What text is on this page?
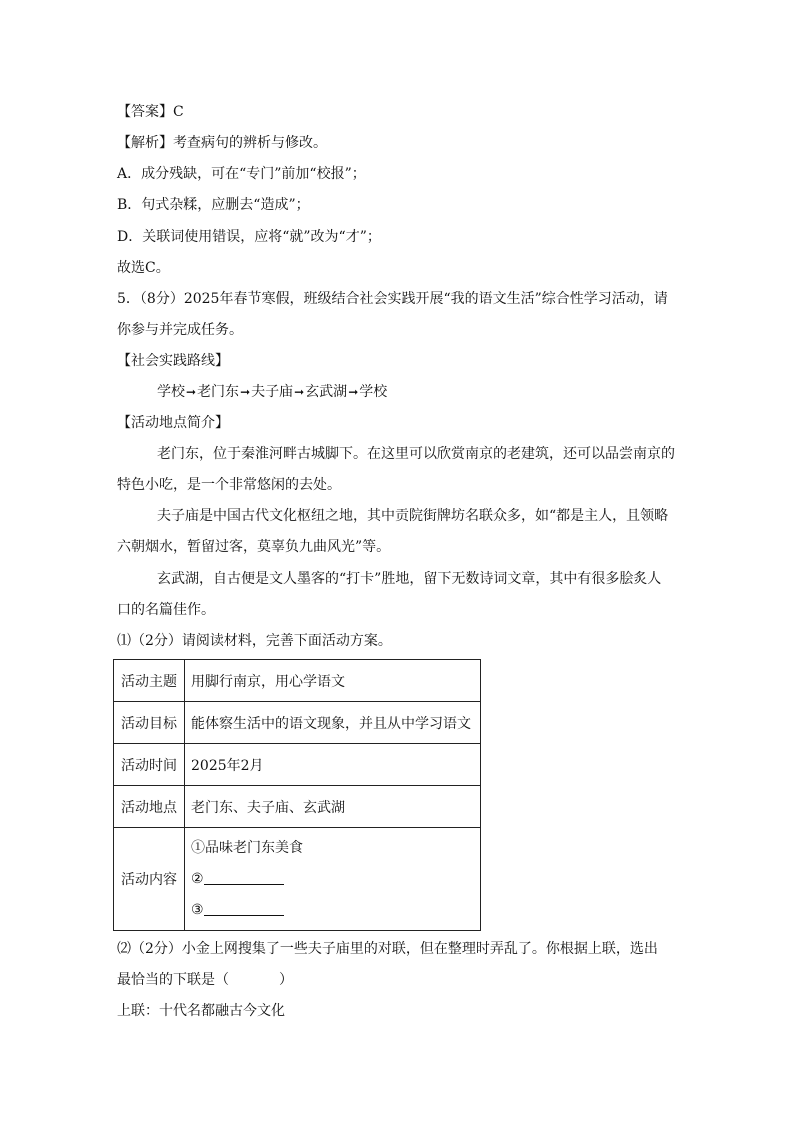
【答案】C
【解析】考查病句的辨析与修改。
A．成分残缺，可在“专门”前加“校报”；
B．句式杂糅，应删去“造成”；
D．关联词使用错误，应将“就”改为“才”；
故选C。
5．（8分）2025年春节寒假，班级结合社会实践开展“我的语文生活”综合性学习活动，请
你参与并完成任务。
【社会实践路线】
学校➞老门东➞夫子庙➞玄武湖➞学校
【活动地点简介】
老门东，位于秦淮河畔古城脚下。在这里可以欣赏南京的老建筑，还可以品尝南京的
特色小吃，是一个非常悠闲的去处。
夫子庙是中国古代文化枢纽之地，其中贡院街牌坊名联众多，如“都是主人，且领略
六朝烟水，暂留过客，莫辜负九曲风光”等。
玄武湖，自古便是文人墨客的“打卡”胜地，留下无数诗词文章，其中有很多脍炙人
口的名篇佳作。
⑴（2分）请阅读材料，完善下面活动方案。
活动主题	用脚行南京，用心学语文
活动目标	能体察生活中的语文现象，并且从中学习语文
活动时间	2025年2月
活动地点	老门东、夫子庙、玄武湖
活动内容	①品味老门东美食
②
③
⑵（2分）小金上网搜集了一些夫子庙里的对联，但在整理时弄乱了。你根据上联，选出
最恰当的下联是（	）
上联：十代名都融古今文化
